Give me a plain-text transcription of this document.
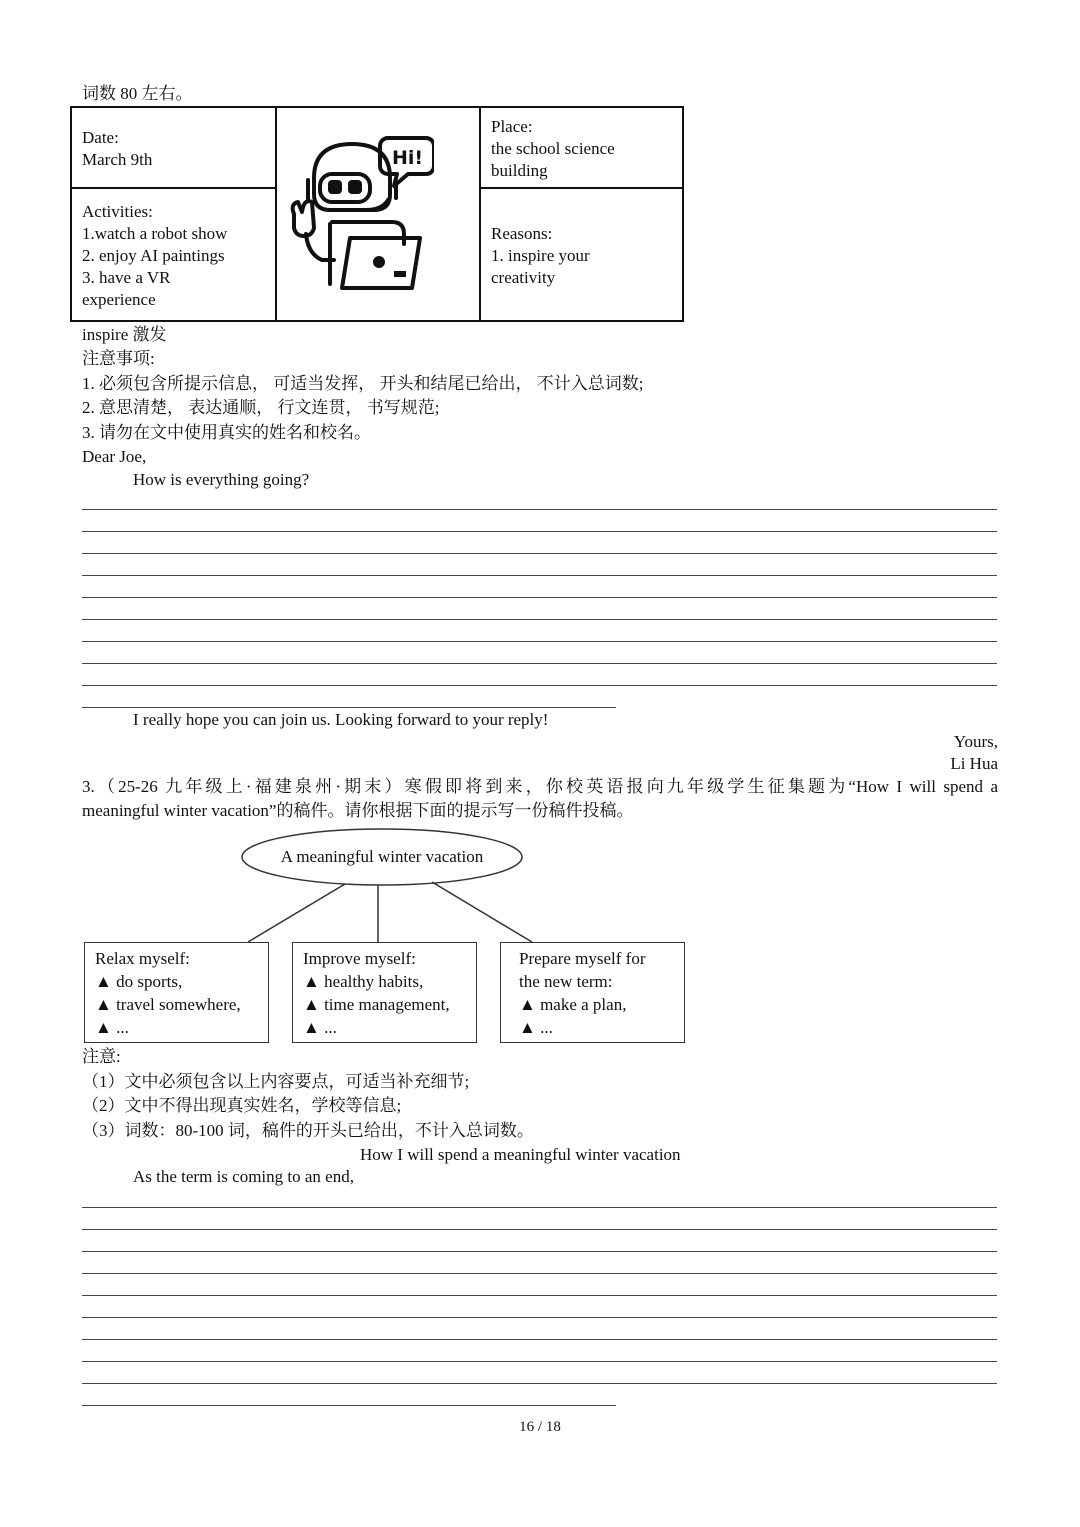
词数 80 左右。
Date:
March 9th
Activities:
1.watch a robot show
2. enjoy AI paintings
3. have a VR
experience
Hi!
Place:
the school science
building
Reasons:
1. inspire your
creativity
inspire 激发
注意事项:
1. 必须包含所提示信息， 可适当发挥， 开头和结尾已给出， 不计入总词数;
2. 意思清楚， 表达通顺， 行文连贯， 书写规范;
3. 请勿在文中使用真实的姓名和校名。
Dear Joe,
How is everything going?
I really hope you can join us. Looking forward to your reply!
Yours,
Li Hua
3.（25-26 九年级上·福建泉州·期末）寒假即将到来，你校英语报向九年级学生征集题为“How I will spend a
meaningful winter vacation”的稿件。请你根据下面的提示写一份稿件投稿。
A meaningful winter vacation
Relax myself:
▲ do sports,
▲ travel somewhere,
▲ ...
Improve myself:
▲ healthy habits,
▲ time management,
▲ ...
Prepare myself for
the new term:
▲ make a plan,
▲ ...
注意:
（1）文中必须包含以上内容要点，可适当补充细节;
（2）文中不得出现真实姓名，学校等信息;
（3）词数：80-100 词，稿件的开头已给出，不计入总词数。
How I will spend a meaningful winter vacation
As the term is coming to an end,
16 / 18
